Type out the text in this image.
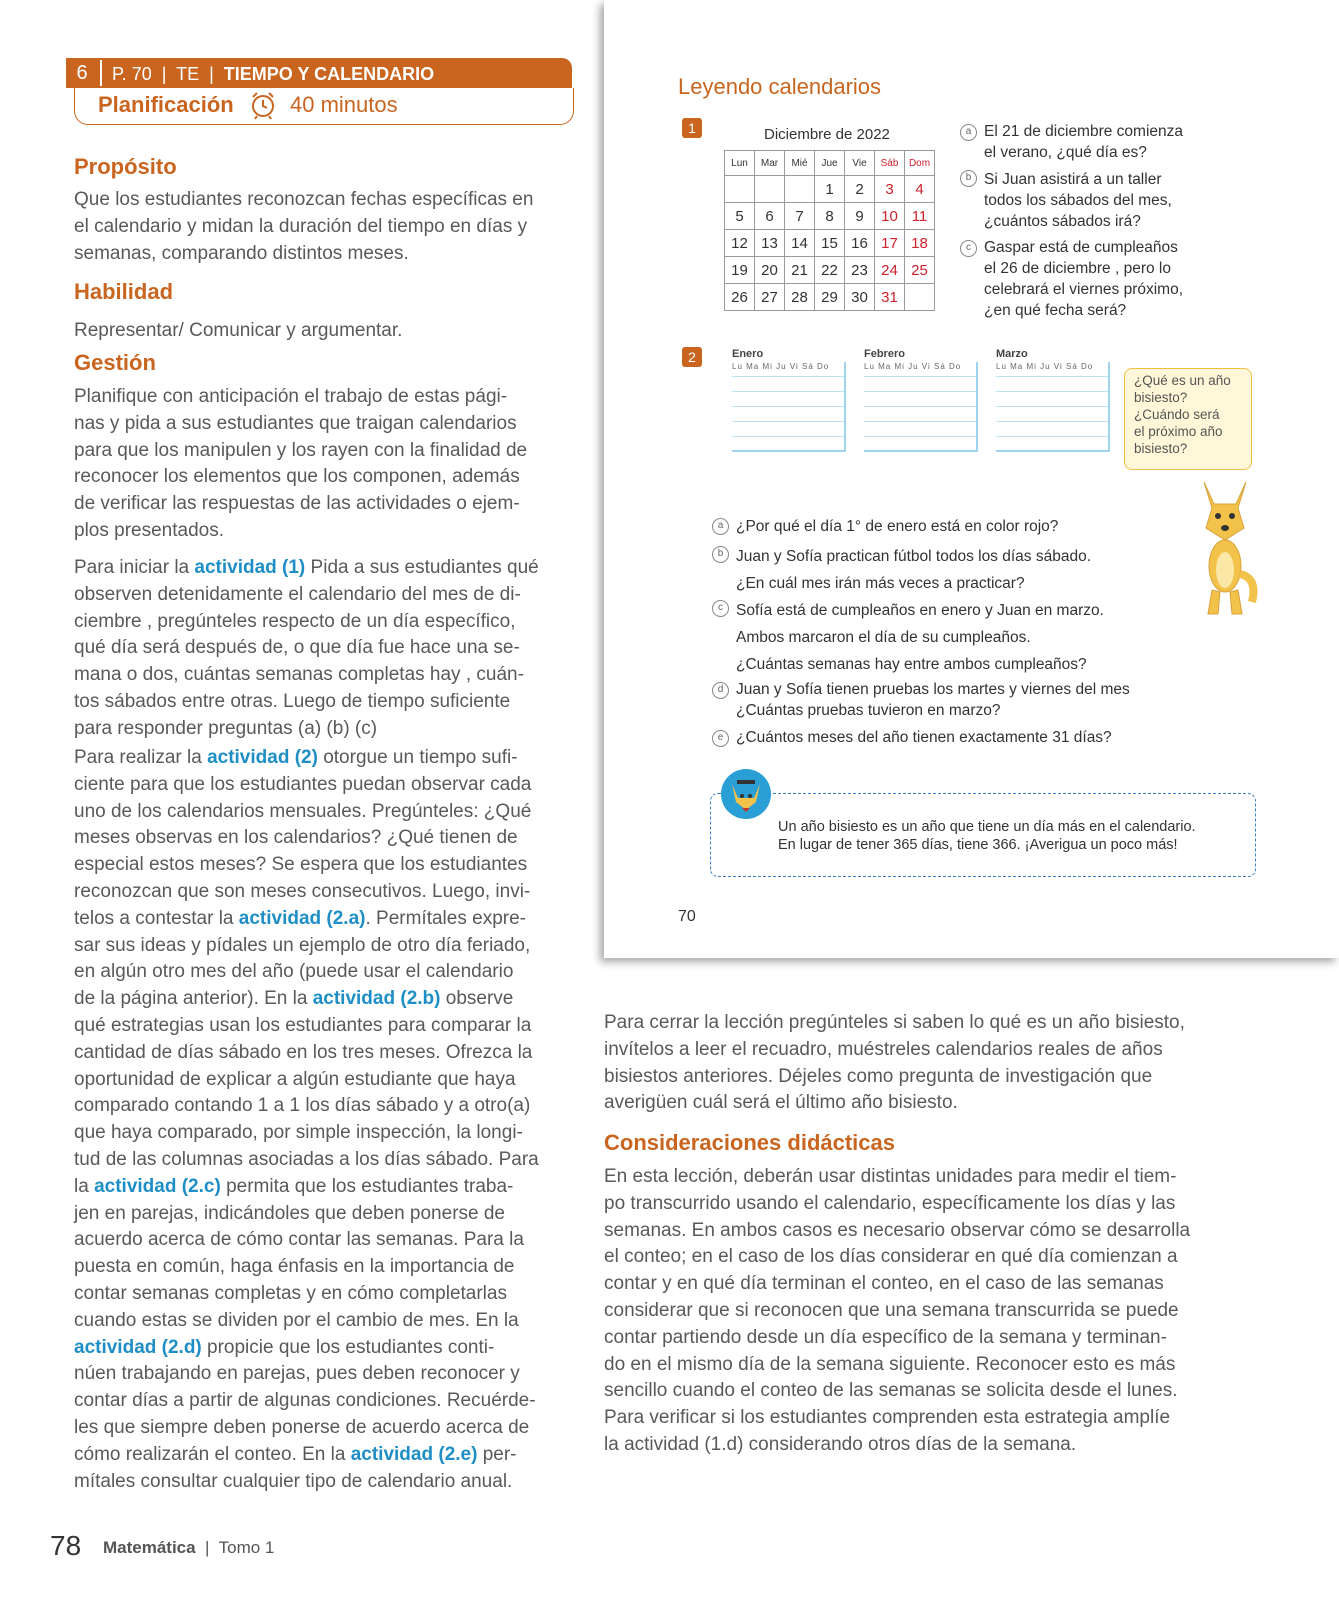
6	P. 70  |  TE  |  TIEMPO Y CALENDARIO
Planificación	40 minutos
Propósito
Que los estudiantes reconozcan fechas específicas en
el calendario y midan la duración del tiempo en días y
semanas, comparando distintos meses.
Habilidad
Representar/ Comunicar y argumentar.
Gestión
Planifique con anticipación el trabajo de estas pági-
nas y pida a sus estudiantes que traigan calendarios
para que los manipulen y los rayen con la finalidad de
reconocer los elementos que los componen, además
de verificar las respuestas de las actividades o ejem-
plos presentados.
Para iniciar la actividad (1) Pida a sus estudiantes qué
observen detenidamente el calendario del mes de di-
ciembre , pregúnteles respecto de un día específico,
qué día será después de, o que día fue hace una se-
mana o dos, cuántas semanas completas hay , cuán-
tos sábados entre otras. Luego de tiempo suficiente
para responder preguntas (a) (b) (c)
Para realizar la actividad (2) otorgue un tiempo sufi-
ciente para que los estudiantes puedan observar cada
uno de los calendarios mensuales. Pregúnteles: ¿Qué
meses observas en los calendarios? ¿Qué tienen de
especial estos meses? Se espera que los estudiantes
reconozcan que son meses consecutivos. Luego, invi-
telos a contestar la actividad (2.a). Permítales expre-
sar sus ideas y pídales un ejemplo de otro día feriado,
en algún otro mes del año (puede usar el calendario
de la página anterior). En la actividad (2.b) observe
qué estrategias usan los estudiantes para comparar la
cantidad de días sábado en los tres meses. Ofrezca la
oportunidad de explicar a algún estudiante que haya
comparado contando 1 a 1 los días sábado y a otro(a)
que haya comparado, por simple inspección, la longi-
tud de las columnas asociadas a los días sábado. Para
la actividad (2.c) permita que los estudiantes traba-
jen en parejas, indicándoles que deben ponerse de
acuerdo acerca de cómo contar las semanas. Para la
puesta en común, haga énfasis en la importancia de
contar semanas completas y en cómo completarlas
cuando estas se dividen por el cambio de mes. En la
actividad (2.d) propicie que los estudiantes conti-
núen trabajando en parejas, pues deben reconocer y
contar días a partir de algunas condiciones. Recuérde-
les que siempre deben ponerse de acuerdo acerca de
cómo realizarán el conteo. En la actividad (2.e) per-
mítales consultar cualquier tipo de calendario anual.
Leyendo calendarios
1	Diciembre de 2022
Lun	Mar	Mié	Jue	Vie	Sáb	Dom
			1	2	3	4
5	6	7	8	9	10	11
12	13	14	15	16	17	18
19	20	21	22	23	24	25
26	27	28	29	30	31	
a El 21 de diciembre comienza
el verano, ¿qué día es?
b Si Juan asistirá a un taller
todos los sábados del mes,
¿cuántos sábados irá?
c Gaspar está de cumpleaños
el 26 de diciembre , pero lo
celebrará el viernes próximo,
¿en qué fecha será?
2	Enero
Lu Ma Mi Ju Vi Sá Do
Febrero
Lu Ma Mi Ju Vi Sá Do
Marzo
Lu Ma Mi Ju Vi Sá Do
¿Qué es un año
bisiesto?
¿Cuándo será
el próximo año
bisiesto?
a ¿Por qué el día 1° de enero está en color rojo?
b Juan y Sofía practican fútbol todos los días sábado.
¿En cuál mes irán más veces a practicar?
c Sofía está de cumpleaños en enero y Juan en marzo.
Ambos marcaron el día de su cumpleaños.
¿Cuántas semanas hay entre ambos cumpleaños?
d Juan y Sofía tienen pruebas los martes y viernes del mes
¿Cuántas pruebas tuvieron en marzo?
e ¿Cuántos meses del año tienen exactamente 31 días?
Un año bisiesto es un año que tiene un día más en el calendario.
En lugar de tener 365 días, tiene 366. ¡Averigua un poco más!
70
Para cerrar la lección pregúnteles si saben lo qué es un año bisiesto,
invítelos a leer el recuadro, muéstreles calendarios reales de años
bisiestos anteriores. Déjeles como pregunta de investigación que
averigüen cuál será el último año bisiesto.
Consideraciones didácticas
En esta lección, deberán usar distintas unidades para medir el tiem-
po transcurrido usando el calendario, específicamente los días y las
semanas. En ambos casos es necesario observar cómo se desarrolla
el conteo; en el caso de los días considerar en qué día comienzan a
contar y en qué día terminan el conteo, en el caso de las semanas
considerar que si reconocen que una semana transcurrida se puede
contar partiendo desde un día específico de la semana y terminan-
do en el mismo día de la semana siguiente. Reconocer esto es más
sencillo cuando el conteo de las semanas se solicita desde el lunes.
Para verificar si los estudiantes comprenden esta estrategia amplíe
la actividad (1.d) considerando otros días de la semana.
78 Matemática  |  Tomo 1
